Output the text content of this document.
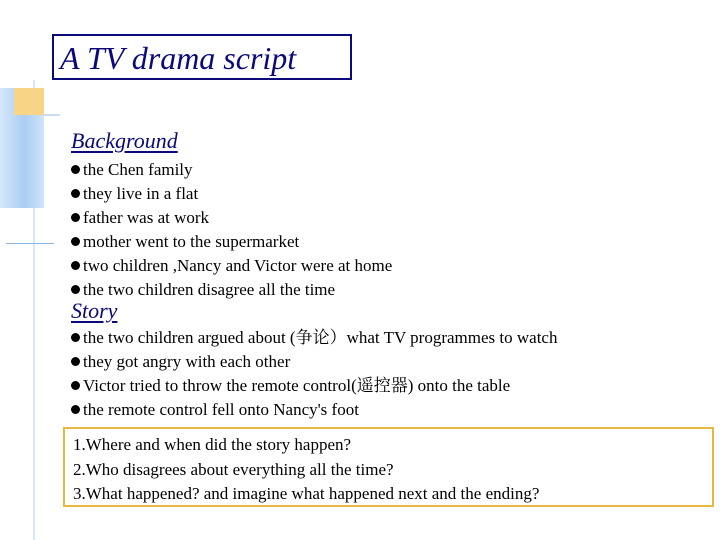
A TV drama script
Background
the Chen family
they live in a flat
father was at work
mother went to the supermarket
two children ,Nancy and Victor were at home
the two children disagree all the time
Story
the two children argued about (争论）what TV programmes to watch
they got angry with each other
Victor tried to throw the remote control(遥控器) onto the table
the remote control fell onto Nancy's foot
1.Where and when did the story happen?
2.Who disagrees about everything all the time?
3.What happened? and imagine what happened next and the ending?
